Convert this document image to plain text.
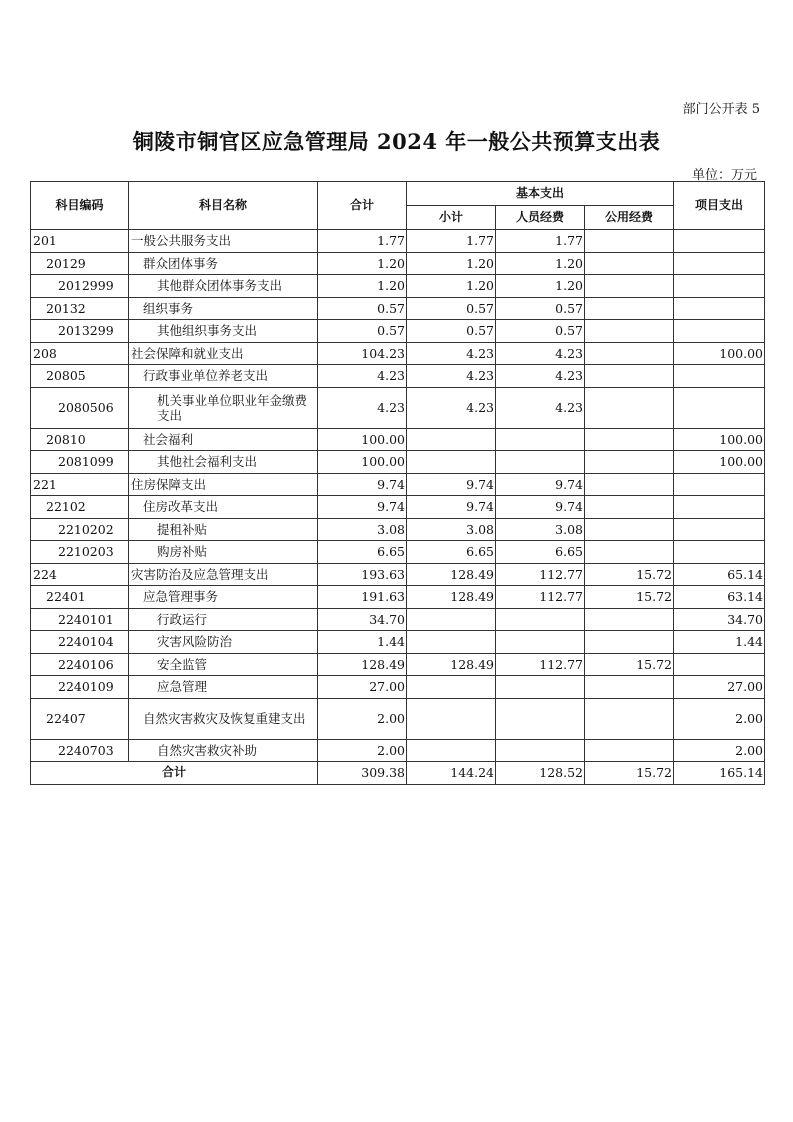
部门公开表 5
铜陵市铜官区应急管理局 2024 年一般公共预算支出表
单位：万元
科目编码	科目名称	合计	基本支出			项目支出
			小计	人员经费	公用经费	
201	一般公共服务支出	1.77	1.77	1.77		
20129	群众团体事务	1.20	1.20	1.20		
2012999	其他群众团体事务支出	1.20	1.20	1.20		
20132	组织事务	0.57	0.57	0.57		
2013299	其他组织事务支出	0.57	0.57	0.57		
208	社会保障和就业支出	104.23	4.23	4.23		100.00
20805	行政事业单位养老支出	4.23	4.23	4.23		
2080506	机关事业单位职业年金缴费支出	4.23	4.23	4.23		
20810	社会福利	100.00				100.00
2081099	其他社会福利支出	100.00				100.00
221	住房保障支出	9.74	9.74	9.74		
22102	住房改革支出	9.74	9.74	9.74		
2210202	提租补贴	3.08	3.08	3.08		
2210203	购房补贴	6.65	6.65	6.65		
224	灾害防治及应急管理支出	193.63	128.49	112.77	15.72	65.14
22401	应急管理事务	191.63	128.49	112.77	15.72	63.14
2240101	行政运行	34.70				34.70
2240104	灾害风险防治	1.44				1.44
2240106	安全监管	128.49	128.49	112.77	15.72	
2240109	应急管理	27.00				27.00
22407	自然灾害救灾及恢复重建支出	2.00				2.00
2240703	自然灾害救灾补助	2.00				2.00
合计		309.38	144.24	128.52	15.72	165.14
